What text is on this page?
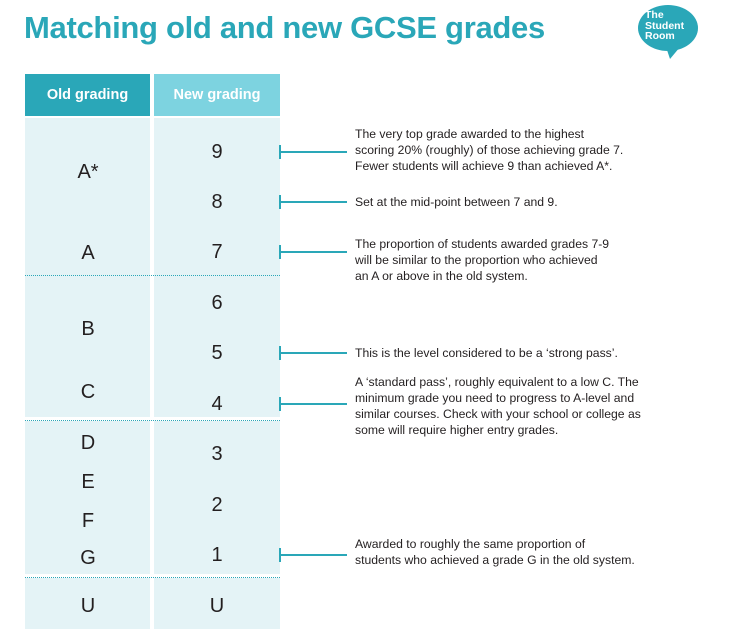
Matching old and new GCSE grades	The
Student
Room
Old grading	New grading
A*
A
B
C
D
E
F
G
U
9
8
7
6
5
4
3
2
1
U
The very top grade awarded to the highest
scoring 20% (roughly) of those achieving grade 7.
Fewer students will achieve 9 than achieved A*.
Set at the mid-point between 7 and 9.
The proportion of students awarded grades 7-9
will be similar to the proportion who achieved
an A or above in the old system.
This is the level considered to be a ‘strong pass’.
A ‘standard pass’, roughly equivalent to a low C. The
minimum grade you need to progress to A-level and
similar courses. Check with your school or college as
some will require higher entry grades.
Awarded to roughly the same proportion of
students who achieved a grade G in the old system.
